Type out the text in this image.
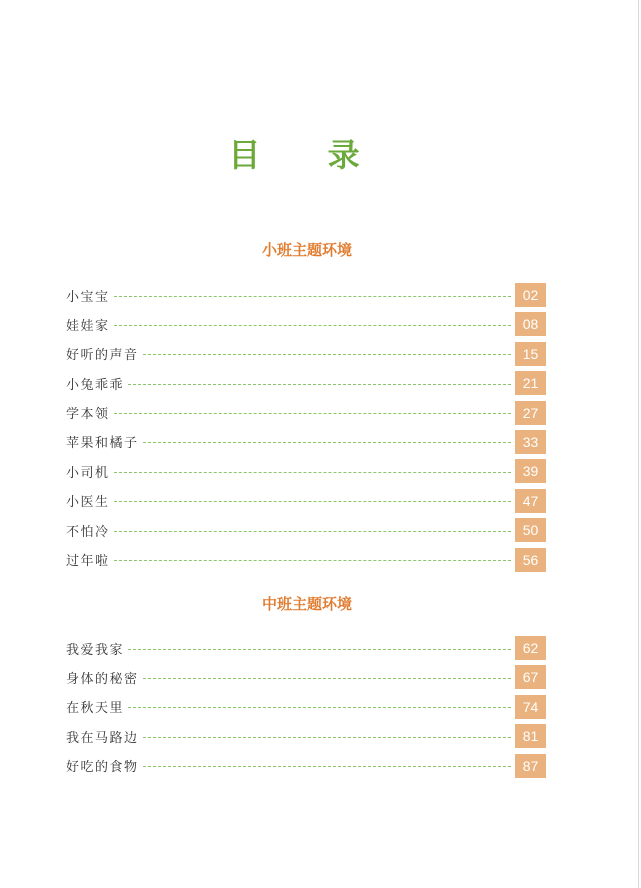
目 录
小班主题环境
小宝宝	02
娃娃家	08
好听的声音	15
小兔乖乖	21
学本领	27
苹果和橘子	33
小司机	39
小医生	47
不怕冷	50
过年啦	56
中班主题环境
我爱我家	62
身体的秘密	67
在秋天里	74
我在马路边	81
好吃的食物	87
